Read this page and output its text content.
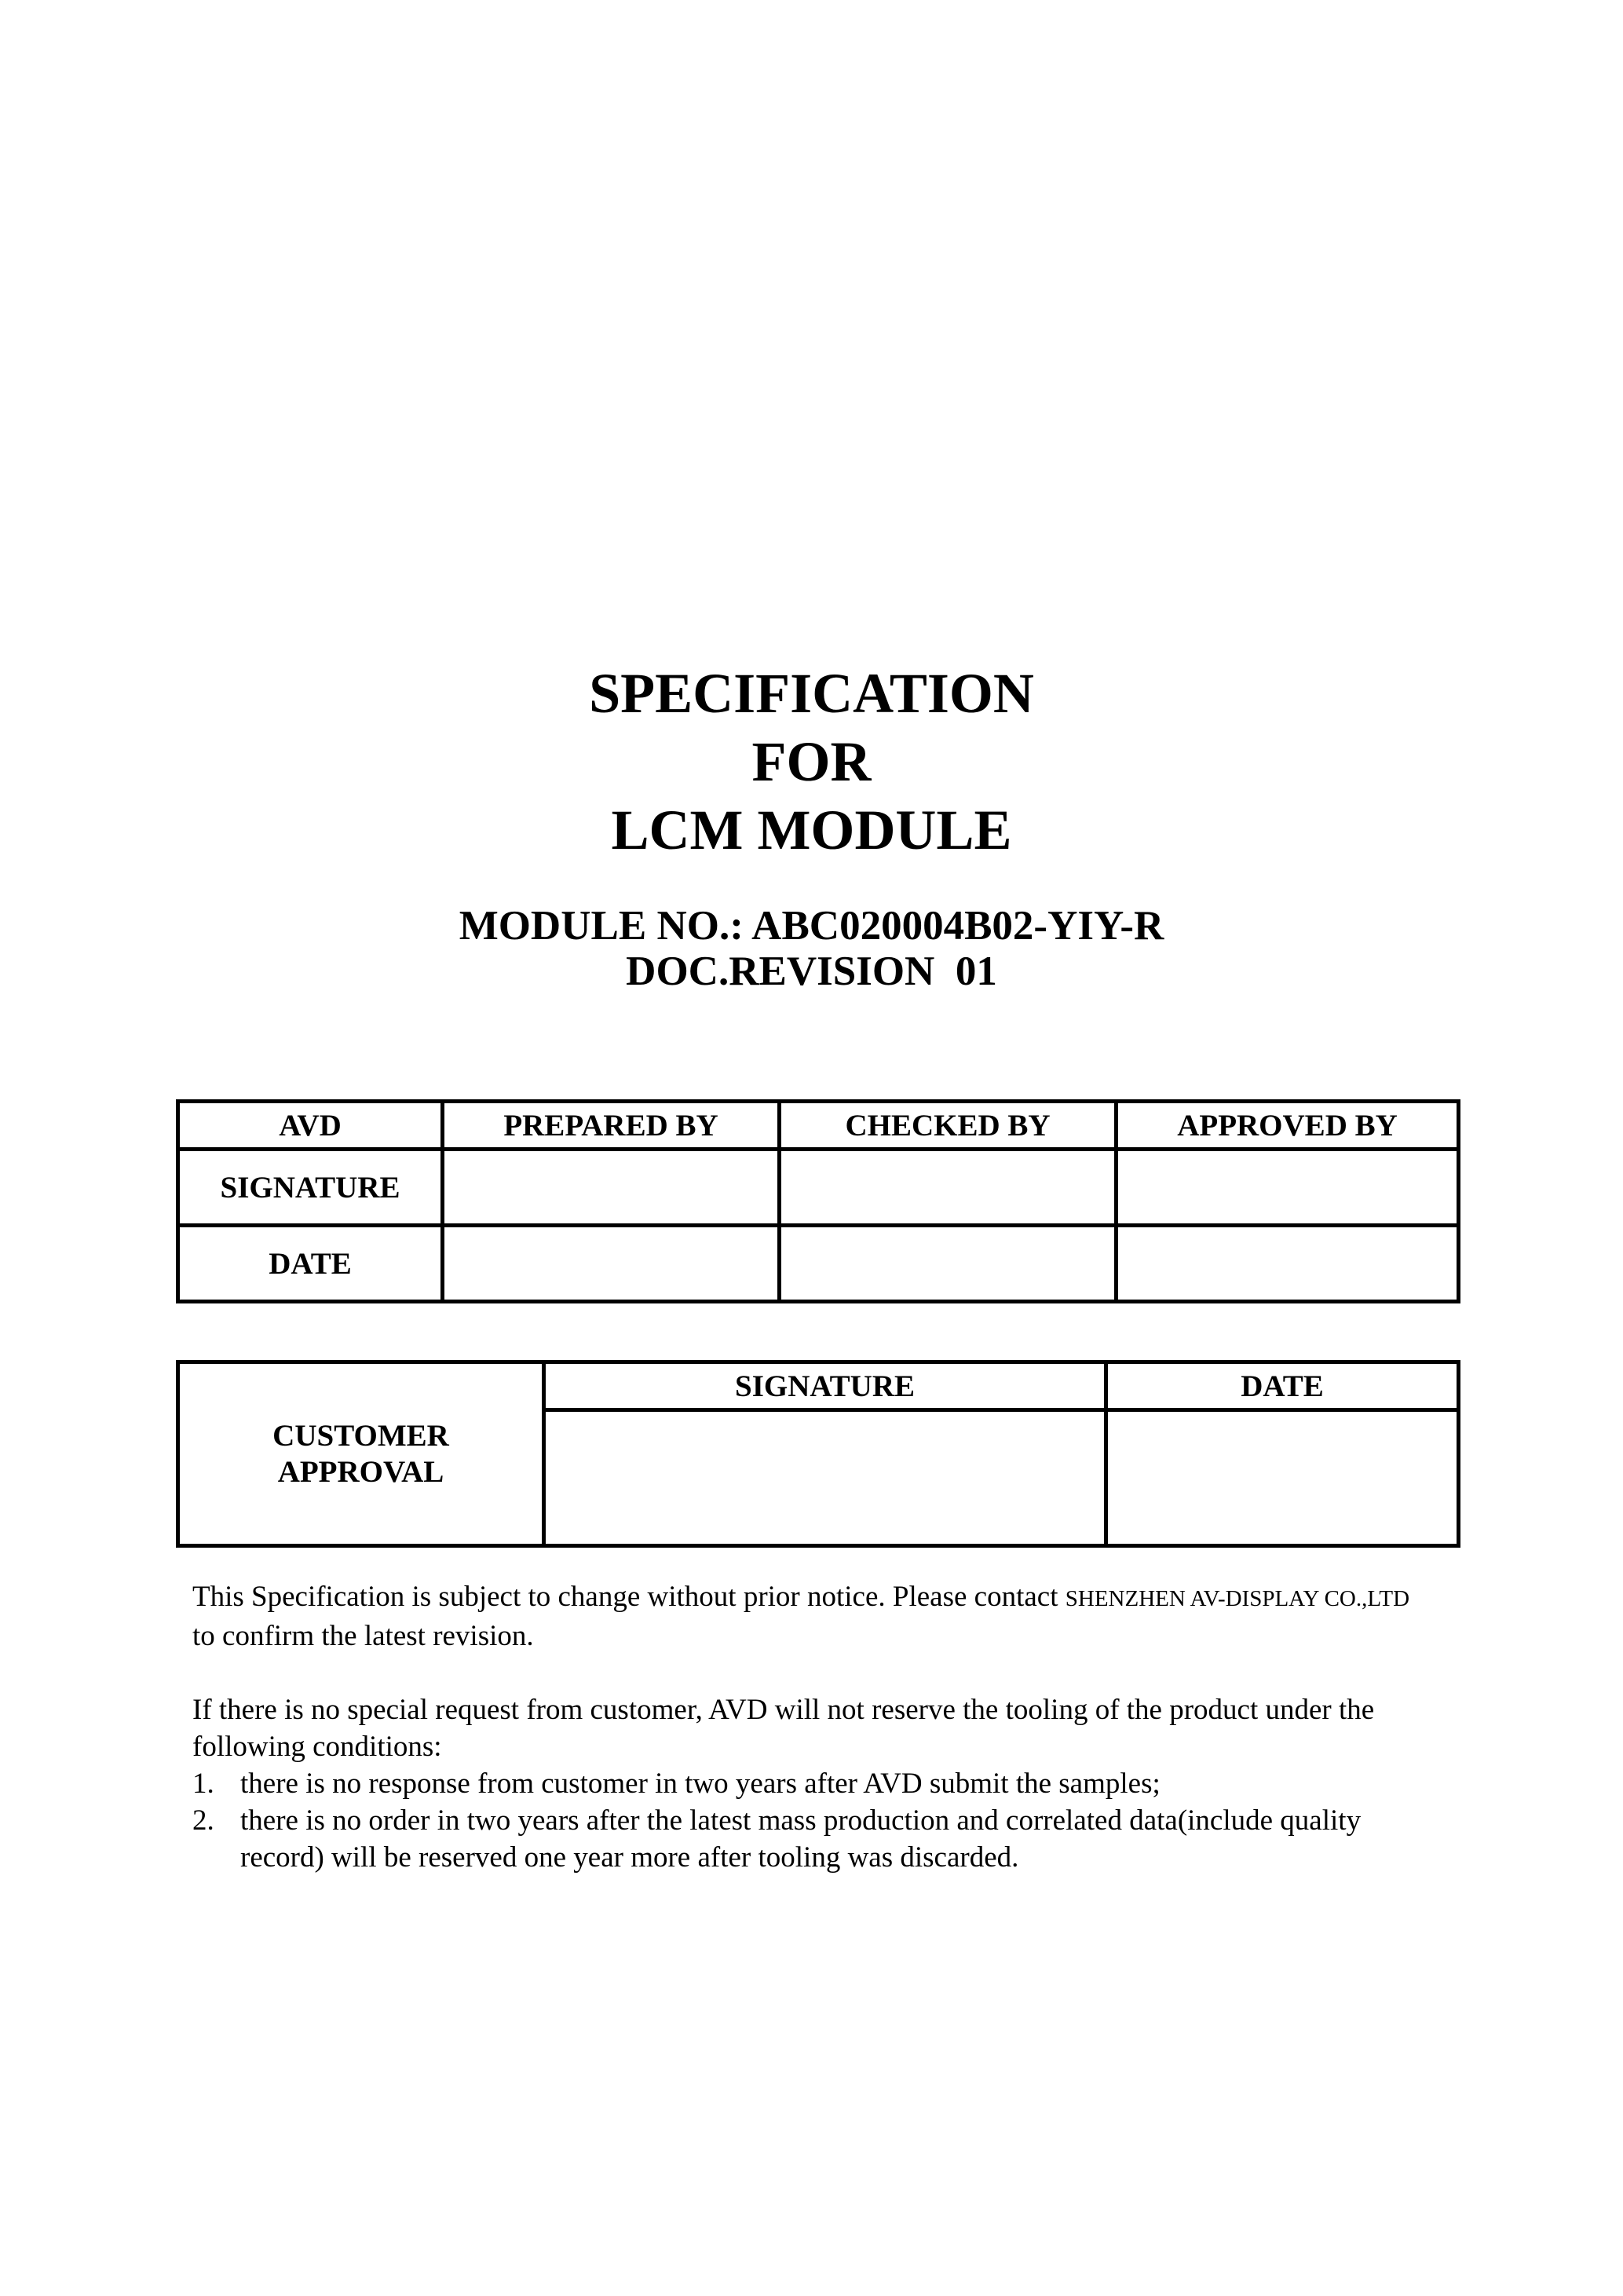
SPECIFICATION
FOR
LCM MODULE
MODULE NO.: ABC020004B02-YIY-R
DOC.REVISION  01
AVD	PREPARED BY	CHECKED BY	APPROVED BY
SIGNATURE			
DATE			
CUSTOMER
APPROVAL	SIGNATURE	DATE

This Specification is subject to change without prior notice. Please contact SHENZHEN AV-DISPLAY CO.,LTD to confirm the latest revision.

If there is no special request from customer, AVD will not reserve the tooling of the product under the following conditions:

1. there is no response from customer in two years after AVD submit the samples;
2. there is no order in two years after the latest mass production and correlated data(include quality record) will be reserved one year more after tooling was discarded.
